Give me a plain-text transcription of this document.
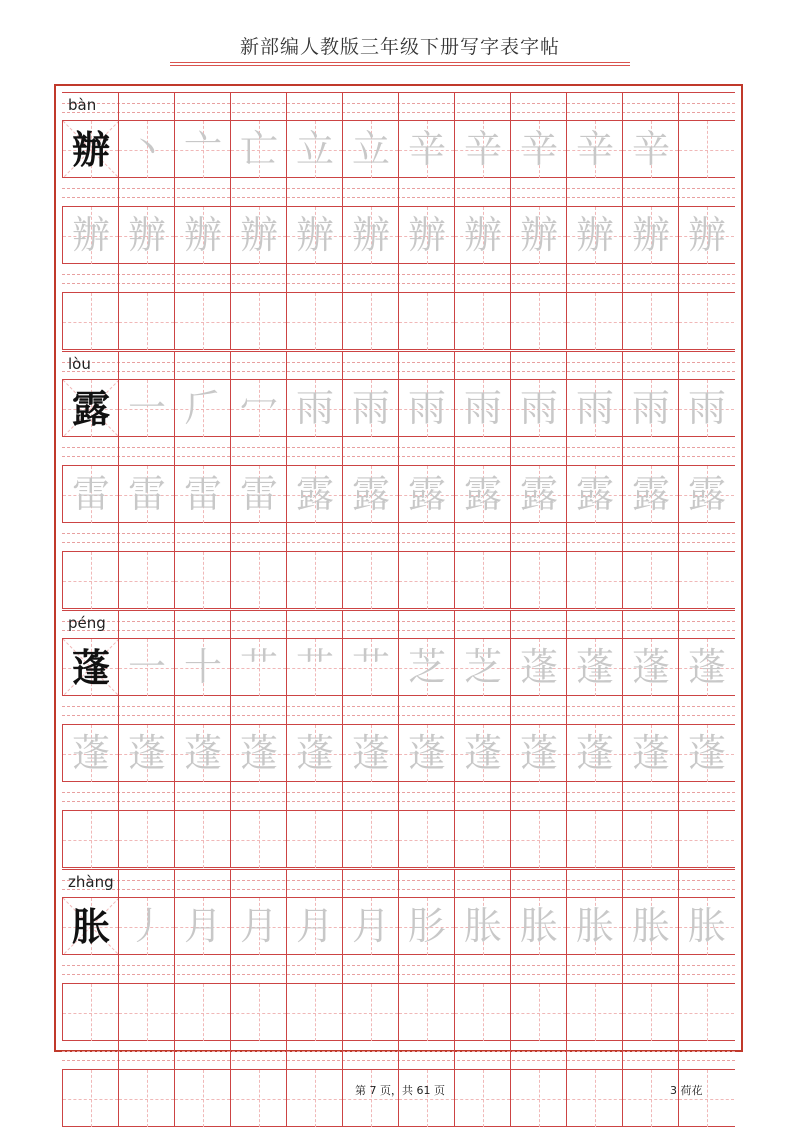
新部编人教版三年级下册写字表字帖
bàn
辦 丶 亠 亡 立 立 辛 辛 辛 辛 辛
辦 辦 辦 辦 辦 辦 辦 辦 辦 辦 辦 辦
lòu
露 一 𠂆 冖 雨 雨 雨 雨 雨 雨 雨 雨
雷 雷 雷 雷 露 露 露 露 露 露 露 露
péng
蓬 一 十 艹 艹 艹 芝 芝 蓬 蓬 蓬 蓬
蓬 蓬 蓬 蓬 蓬 蓬 蓬 蓬 蓬 蓬 蓬 蓬
zhàng
胀 丿 月 月 月 月 肜 胀 胀 胀 胀 胀
第 7 页，共 61 页	3 荷花
